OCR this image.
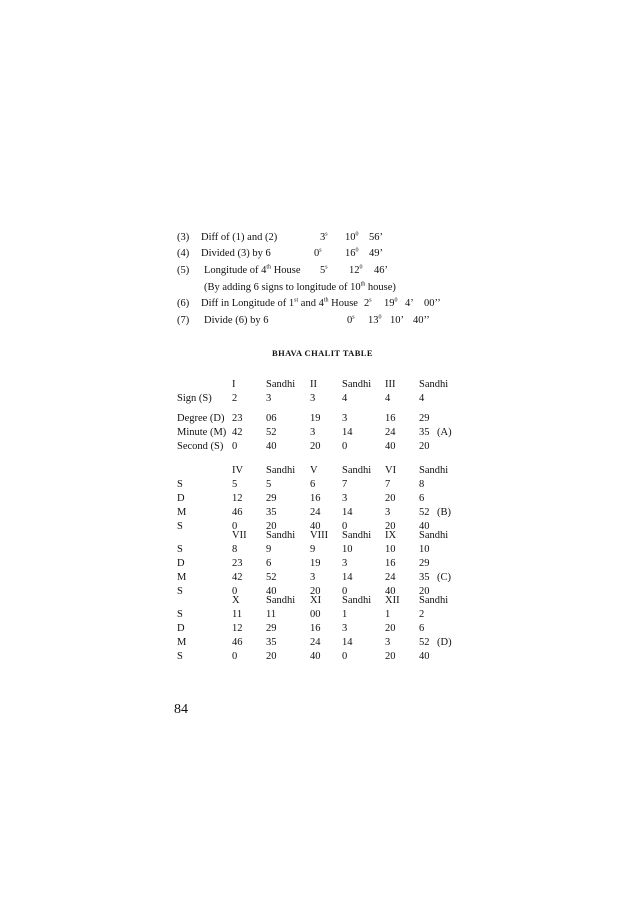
(3) Diff of (1) and (2)	3$^s$ $10^0$ 56’
(4) Divided (3) by 6	0$^s$ $16^0$ 49’
(5) Longitude of 4th House 5$^s$ $12^0$ 46’
(By adding 6 signs to longitude of 10th house)
(6) Diff in Longitude of 1st and 4th House 2$^s$ $19^0$ 4’ 00’’
(7) Divide (6) by 6	0$^s$ $13^0$ 10’ 40’’
BHAVA CHALIT TABLE
I	Sandhi II Sandhi III Sandhi
Sign (S) 2	3	3	4	4	4
Degree (D) 23 06	19 3	16 29
Minute (M) 42 52	3	14	24 35 (A)
Second (S) 0	40	20 0	40 20
IV Sandhi V Sandhi VI Sandhi
S	5	5	6	7	7	8
D	12 29	16 3	20 6
M	46 35	24 14	3	52 (B)
S	0	20	40 0	20 40
VII Sandhi VIII Sandhi IX Sandhi
S	8	9	9	10	10 10
D	23 6	19 3	16 29
M	42 52	3	14	24 35 (C)
S	0	40	20 0	40 20
X	Sandhi XI Sandhi XII Sandhi
S	11 11	00 1	1	2
D	12 29	16 3	20 6
M	46 35	24 14	3	52 (D)
S	0	20	40 0	20 40
84
